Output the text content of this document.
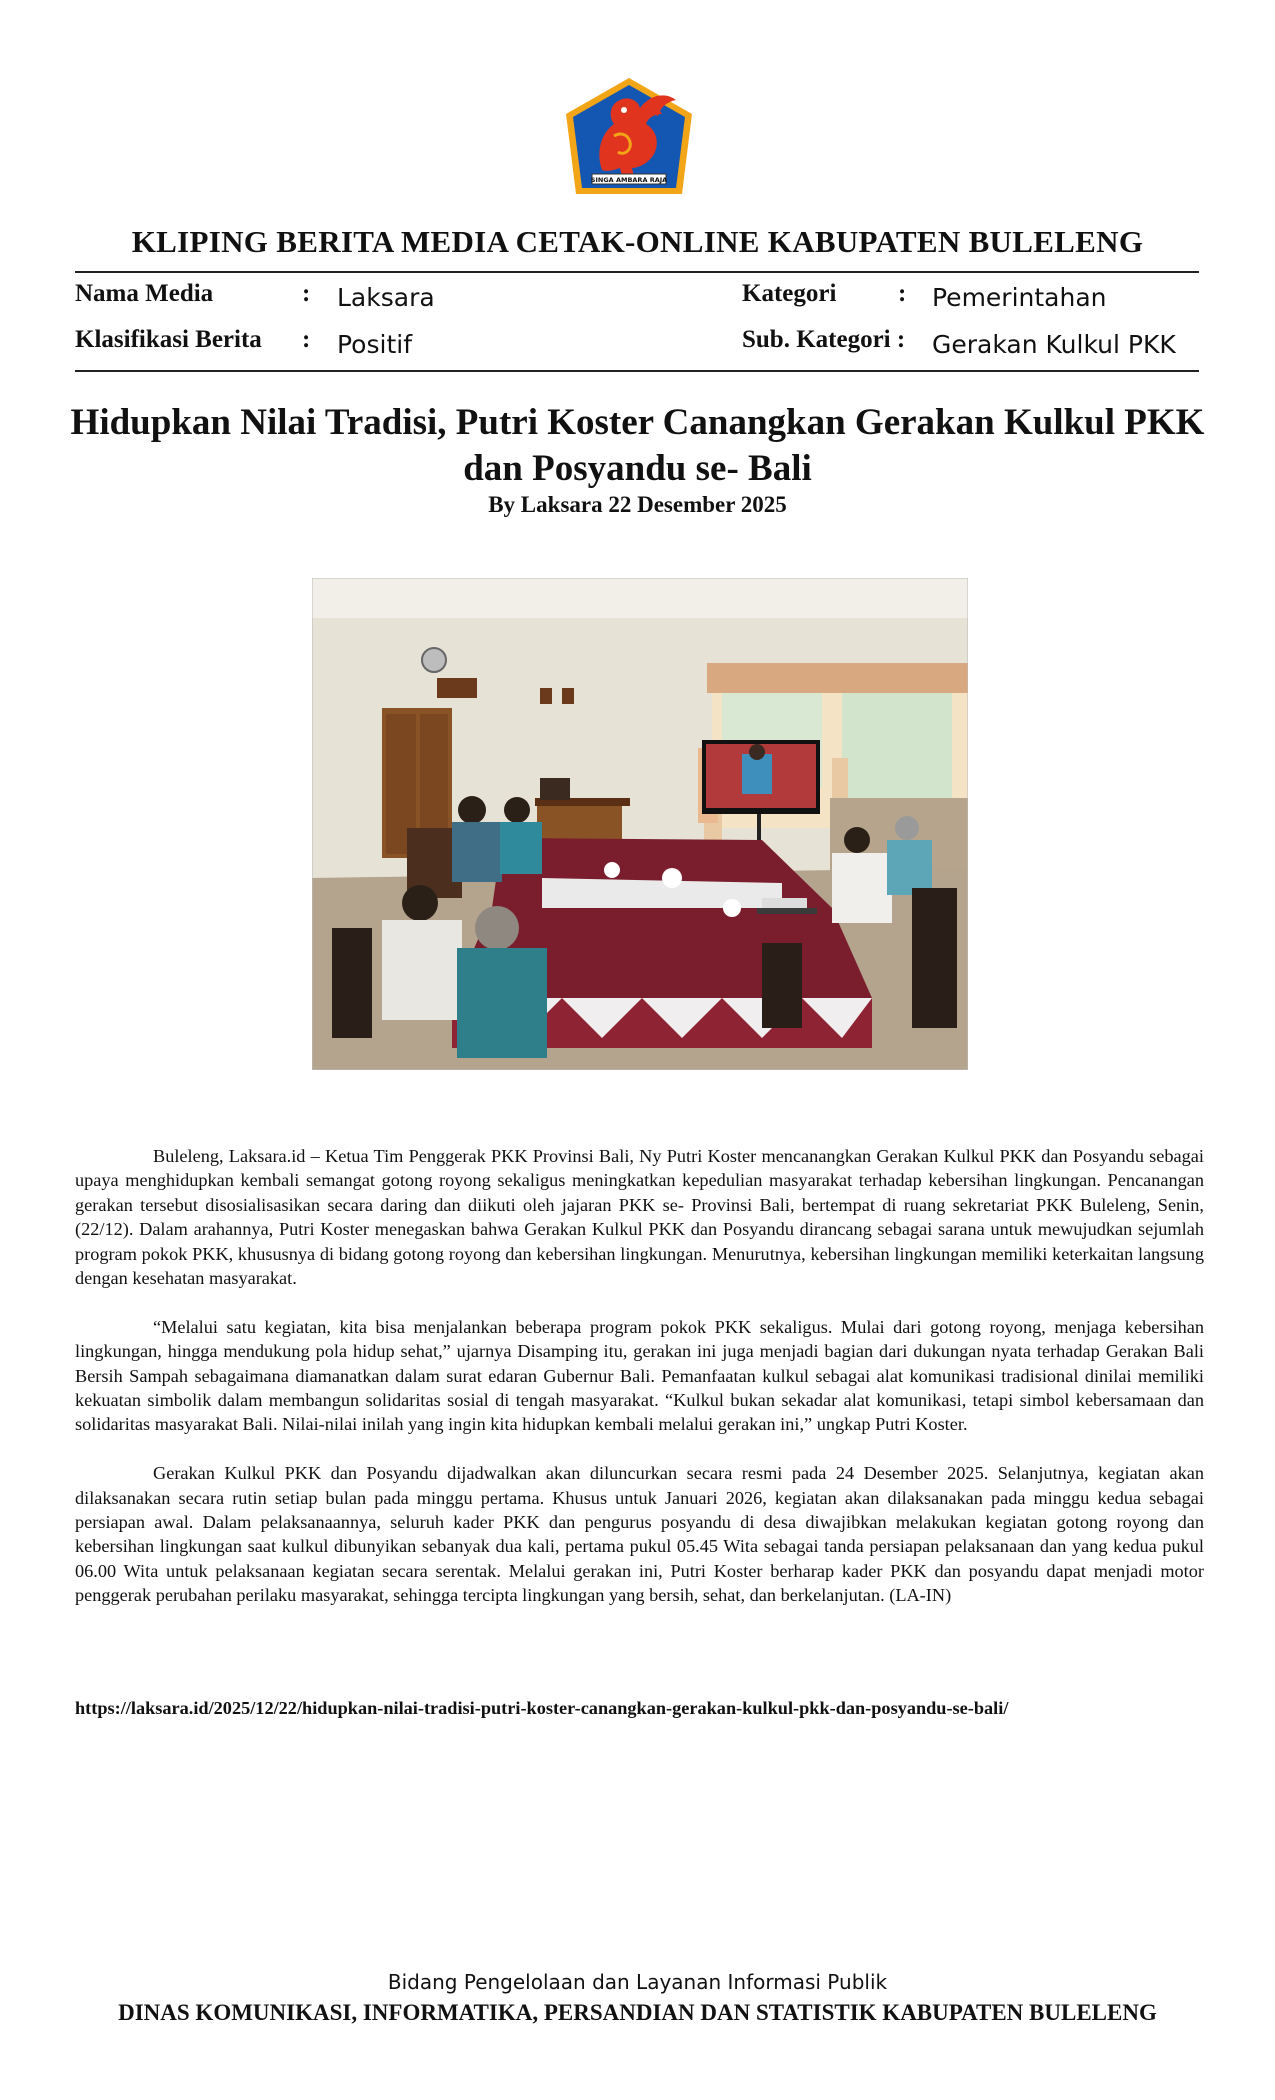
SINGA AMBARA RAJA
KLIPING BERITA MEDIA CETAK-ONLINE KABUPATEN BULELENG
Nama Media	: Laksara	Kategori : Pemerintahan
Klasifikasi Berita : Positif	Sub. Kategori : Gerakan Kulkul PKK
Hidupkan Nilai Tradisi, Putri Koster Canangkan Gerakan Kulkul PKK dan Posyandu se- Bali
By Laksara 22 Desember 2025

Buleleng, Laksara.id – Ketua Tim Penggerak PKK Provinsi Bali, Ny Putri Koster mencanangkan Gerakan Kulkul PKK dan Posyandu sebagai upaya menghidupkan kembali semangat gotong royong sekaligus meningkatkan kepedulian masyarakat terhadap kebersihan lingkungan. Pencanangan gerakan tersebut disosialisasikan secara daring dan diikuti oleh jajaran PKK se- Provinsi Bali, bertempat di ruang sekretariat PKK Buleleng, Senin, (22/12). Dalam arahannya, Putri Koster menegaskan bahwa Gerakan Kulkul PKK dan Posyandu dirancang sebagai sarana untuk mewujudkan sejumlah program pokok PKK, khususnya di bidang gotong royong dan kebersihan lingkungan. Menurutnya, kebersihan lingkungan memiliki keterkaitan langsung dengan kesehatan masyarakat.

“Melalui satu kegiatan, kita bisa menjalankan beberapa program pokok PKK sekaligus. Mulai dari gotong royong, menjaga kebersihan lingkungan, hingga mendukung pola hidup sehat,” ujarnya Disamping itu, gerakan ini juga menjadi bagian dari dukungan nyata terhadap Gerakan Bali Bersih Sampah sebagaimana diamanatkan dalam surat edaran Gubernur Bali. Pemanfaatan kulkul sebagai alat komunikasi tradisional dinilai memiliki kekuatan simbolik dalam membangun solidaritas sosial di tengah masyarakat. “Kulkul bukan sekadar alat komunikasi, tetapi simbol kebersamaan dan solidaritas masyarakat Bali. Nilai-nilai inilah yang ingin kita hidupkan kembali melalui gerakan ini,” ungkap Putri Koster.

Gerakan Kulkul PKK dan Posyandu dijadwalkan akan diluncurkan secara resmi pada 24 Desember 2025. Selanjutnya, kegiatan akan dilaksanakan secara rutin setiap bulan pada minggu pertama. Khusus untuk Januari 2026, kegiatan akan dilaksanakan pada minggu kedua sebagai persiapan awal. Dalam pelaksanaannya, seluruh kader PKK dan pengurus posyandu di desa diwajibkan melakukan kegiatan gotong royong dan kebersihan lingkungan saat kulkul dibunyikan sebanyak dua kali, pertama pukul 05.45 Wita sebagai tanda persiapan pelaksanaan dan yang kedua pukul 06.00 Wita untuk pelaksanaan kegiatan secara serentak. Melalui gerakan ini, Putri Koster berharap kader PKK dan posyandu dapat menjadi motor penggerak perubahan perilaku masyarakat, sehingga tercipta lingkungan yang bersih, sehat, dan berkelanjutan. (LA-IN)

https://laksara.id/2025/12/22/hidupkan-nilai-tradisi-putri-koster-canangkan-gerakan-kulkul-pkk-dan-posyandu-se-bali/
Bidang Pengelolaan dan Layanan Informasi Publik
DINAS KOMUNIKASI, INFORMATIKA, PERSANDIAN DAN STATISTIK KABUPATEN BULELENG
